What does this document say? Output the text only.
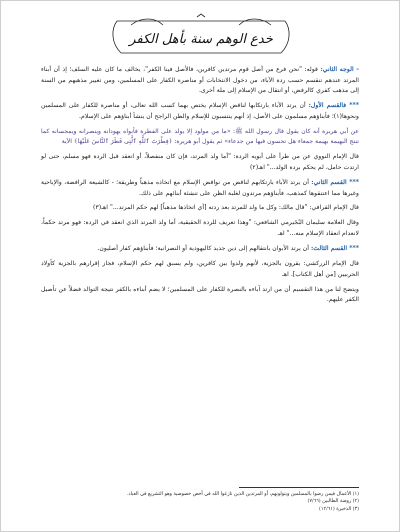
خدع الوهم سنة بأهل الكفر

- الوجه الثاني: قوله: "نحن فرع من أصل قوم مرتدين كافرين، فالأصل فينا الكفر"، يخالف ما كان عليه السلف؛ إذ أن أبناء المرتد عندهم تنقسم حسب ردة الآباء، من دخول الانتخابات أو مناصرة الكفار على المسلمين، ومن تغيير مذهبهم من السنة إلى مذهب كفري كالرفض، أو انتقال من الإسلام إلى ملة أخرى.

*** فالقسم الأول: أن يرتد الآباء بارتكابها لناقض الإسلام يختص بهما كسب الله تعالى، أو مناصرة للكفار على المسلمين ونحوها(١)؛ فأبناؤهم مسلمون على الأصل، إذ أنهم ينتسبون للإسلام والظن الراجح أن ينشأ أبناؤهم على الإسلام.

عن أبي هريرة أنه كان يقول قال رسول الله ﷺ: «ما من مولود إلا يولد على الفطرة فأبواه يهودانه وينصرانه ويمجسانه كما تنتج البهيمة بهيمة جمعاء هل تحسون فيها من جدعاء» ثم يقول أبو هريرة: ﴿فِطْرَتَ ٱللَّهِ ٱلَّتِى فَطَرَ ٱلنَّاسَ عَلَيْهَا﴾ الآية

قال الإمام النووي عن من طرأ على أبويه الردة: "أما ولد المرتد، فإن كان منفصلاً، أو انعقد قبل الردة فهو مسلم، حتى لو ارتدت حامل، لم يحكم بردة الولد..." اهـ(٢)

*** القسم الثاني: أن يرتد الآباء بارتكابهم لناقض من نواقض الإسلام مع اتخاذه مذهباً وطريقة؛ - كالشيعة الرافضة، والإباحية وغيرها مما اعتنقوها كمذهب، فأبناؤهم مرتدون لغلبة الظن على تنشئة أبنائهم على ذلك.

قال الإمام القرافي: "قال مالك: وكل ما ولد للمرتد بعد ردته [أي اتخاذها مذهباً] لهم حكم المرتد..." اهـ(٣)

وقال العلامة سليمان البُجَيرمي الشافعي: "وهذا تعريف للردة الحقيقية، أما ولد المرتد الذي انعقد في الردة: فهو مرتد حكماً، لانعدام انعقاد الإسلام منه..." اهـ

*** القسم الثالث: أن يرتد الأبوان بانتقالهم إلى دين جديد كاليهودية أو النصرانية؛ فأبناؤهم كفار أصليون.

قال الإمام الزركشي: يقرون بالجزية، لأنهم ولدوا بين كافرين، ولم يسبق لهم حكم الإسلام، فجاز إقرارهم بالجزية كأولاد الحربيين [من أهل الكتاب]. اهـ

ويتضح لنا من هذا التقسيم أن من ارتد آباءه بالنصرة للكفار على المسلمين؛ لا يضم أبناءه بالكفر نتيجة التوالد فضلاً عن تأصيل الكفر عليهم.

(١) الأعمال فيمن رضوا بالمسلمين ويتولونهم، أو المرتدين الذين نازعوا الله في أخص خصوصية وهو التشريع في العباد.
(٢) روضة الطالبين (٧/٦٦)
(٣) الذخيرة (١٢/٦١)
